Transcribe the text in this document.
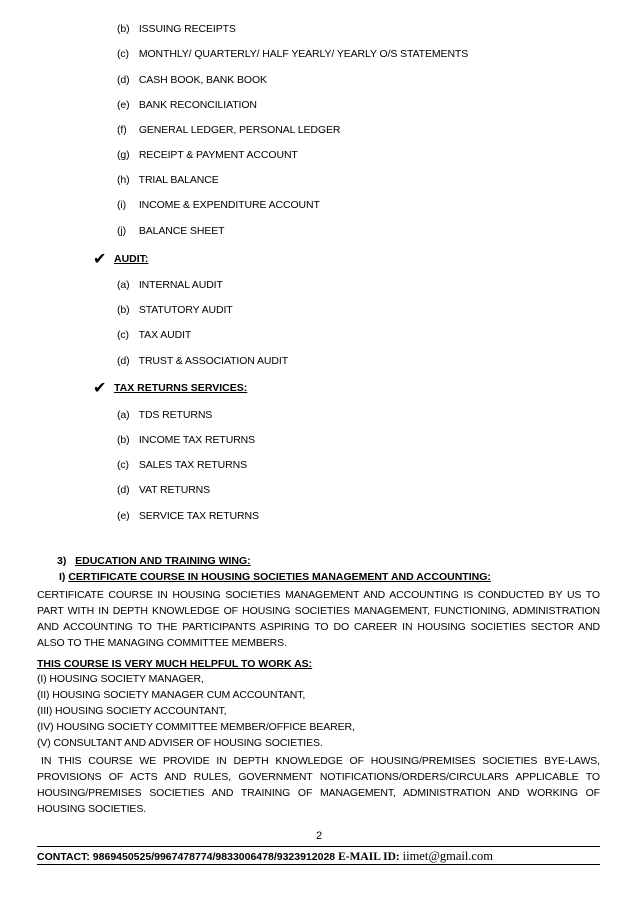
(b) ISSUING RECEIPTS
(c) MONTHLY/ QUARTERLY/ HALF YEARLY/ YEARLY O/S STATEMENTS
(d) CASH BOOK, BANK BOOK
(e) BANK RECONCILIATION
(f) GENERAL LEDGER, PERSONAL LEDGER
(g) RECEIPT & PAYMENT ACCOUNT
(h) TRIAL BALANCE
(i) INCOME & EXPENDITURE ACCOUNT
(j) BALANCE SHEET
✔ AUDIT:
(a) INTERNAL AUDIT
(b) STATUTORY AUDIT
(c) TAX AUDIT
(d) TRUST & ASSOCIATION AUDIT
✔ TAX RETURNS SERVICES:
(a) TDS RETURNS
(b) INCOME TAX RETURNS
(c) SALES TAX RETURNS
(d) VAT RETURNS
(e) SERVICE TAX RETURNS
3) EDUCATION AND TRAINING WING:
I) CERTIFICATE COURSE IN HOUSING SOCIETIES MANAGEMENT AND ACCOUNTING:
CERTIFICATE COURSE IN HOUSING SOCIETIES MANAGEMENT AND ACCOUNTING IS CONDUCTED BY US TO PART WITH IN DEPTH KNOWLEDGE OF HOUSING SOCIETIES MANAGEMENT, FUNCTIONING, ADMINISTRATION AND ACCOUNTING TO THE PARTICIPANTS ASPIRING TO DO CAREER IN HOUSING SOCIETIES SECTOR AND ALSO TO THE MANAGING COMMITTEE MEMBERS.
THIS COURSE IS VERY MUCH HELPFUL TO WORK AS:
(I) HOUSING SOCIETY MANAGER,
(II) HOUSING SOCIETY MANAGER CUM ACCOUNTANT,
(III) HOUSING SOCIETY ACCOUNTANT,
(IV) HOUSING SOCIETY COMMITTEE MEMBER/OFFICE BEARER,
(V) CONSULTANT AND ADVISER OF HOUSING SOCIETIES.
IN THIS COURSE WE PROVIDE IN DEPTH KNOWLEDGE OF HOUSING/PREMISES SOCIETIES BYE-LAWS, PROVISIONS OF ACTS AND RULES, GOVERNMENT NOTIFICATIONS/ORDERS/CIRCULARS APPLICABLE TO HOUSING/PREMISES SOCIETIES AND TRAINING OF MANAGEMENT, ADMINISTRATION AND WORKING OF HOUSING SOCIETIES.
2
CONTACT: 9869450525/9967478774/9833006478/9323912028 E-MAIL ID: iimet@gmail.com
